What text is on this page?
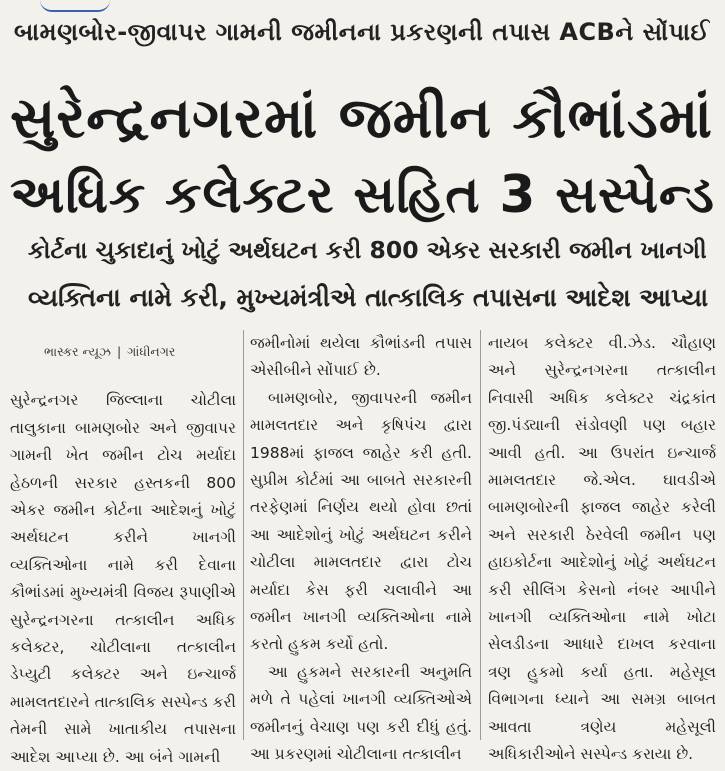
બામણબોર-જીવાપર ગામની જમીનના પ્રકરણની તપાસ ACBને સોંપાઈ
સુરેન્દ્રનગરમાં જમીન કૌભાંડમાં
અધિક કલેક્ટર સહિત 3 સસ્પેન્ડ
કોર્ટના ચુકાદાનું ખોટું અર્થઘટન કરી 800 એકર સરકારી જમીન ખાનગી
વ્યક્તિના નામે કરી, મુખ્યમંત્રીએ તાત્કાલિક તપાસના આદેશ આપ્યા
ભાસ્કર ન્યૂઝ | ગાંધીનગર

સુરેન્દ્રનગર જિલ્લાના ચોટીલા તાલુકાના બામણબોર અને જીવાપર ગામની ખેત જમીન ટોચ મર્યાદા હેઠળની સરકાર હસ્તકની 800 એકર જમીન કોર્ટના આદેશનું ખોટું અર્થઘટન કરીને ખાનગી વ્યક્તિઓના નામે કરી દેવાના કૌભાંડમાં મુખ્યમંત્રી વિજય રૂપાણીએ સુરેન્દ્રનગરના તત્કાલીન અધિક કલેક્ટર, ચોટીલાના તત્કાલીન ડેપ્યુટી કલેક્ટર અને ઇન્ચાર્જ મામલતદારને તાત્કાલિક સસ્પેન્ડ કરી તેમની સામે ખાતાકીય તપાસના આદેશ આપ્યા છે. આ બંને ગામની

જમીનોમાં થયેલા કૌભાંડની તપાસ એસીબીને સોંપાઈ છે.

બામણબોર, જીવાપરની જમીન મામલતદાર અને કૃષિપંચ દ્વારા 1988માં ફાજલ જાહેર કરી હતી. સુપ્રીમ કોર્ટમાં આ બાબતે સરકારની તરફેણમાં નિર્ણય થયો હોવા છતાં આ આદેશોનું ખોટું અર્થઘટન કરીને ચોટીલા મામલતદાર દ્વારા ટોચ મર્યાદા કેસ ફરી ચલાવીને આ જમીન ખાનગી વ્યક્તિઓના નામે કરતો હુકમ કર્યો હતો.

આ હુકમને સરકારની અનુમતિ મળે તે પહેલાં ખાનગી વ્યક્તિઓએ જમીનનું વેચાણ પણ કરી દીધું હતું. આ પ્રકરણમાં ચોટીલાના તત્કાલીન

નાયબ કલેક્ટર વી.ઝેડ. ચૌહાણ અને સુરેન્દ્રનગરના તત્કાલીન નિવાસી અધિક કલેક્ટર ચંદ્રકાંત જી.પંડ્યાની સંડોવણી પણ બહાર આવી હતી. આ ઉપરાંત ઇન્ચાર્જ મામલતદાર જે.એલ. ઘાવડીએ બામણબોરની ફાજલ જાહેર કરેલી અને સરકારી ઠેરવેલી જમીન પણ હાઇકોર્ટના આદેશોનું ખોટું અર્થઘટન કરી સીલિંગ કેસનો નંબર આપીને ખાનગી વ્યક્તિઓના નામે ખોટા સેલડીડના આધારે દાખલ કરવાના ત્રણ હુકમો કર્યા હતા. મહેસૂલ વિભાગના ધ્યાને આ સમગ્ર બાબત આવતા ત્રણેય મહેસૂલી અધિકારીઓને સસ્પેન્ડ કરાયા છે.
